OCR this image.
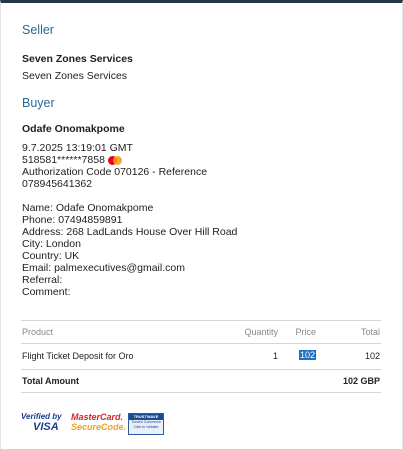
Seller
Seven Zones Services
Seven Zones Services
Buyer
Odafe Onomakpome
9.7.2025 13:19:01 GMT
518581******7858
Authorization Code 070126 - Reference
078945641362
Name: Odafe Onomakpome
Phone: 07494859891
Address: 268 LadLands House Over Hill Road
City: London
Country: UK
Email: palmexecutives@gmail.com
Referral:
Comment:
Product	Quantity Price	Total
Flight Ticket Deposit for Oro	1 102	102
Total Amount	102 GBP
Verified by
VISA
MasterCard.
SecureCode.
TRUSTWAVE
Trusted Commerce
Click to Validate
